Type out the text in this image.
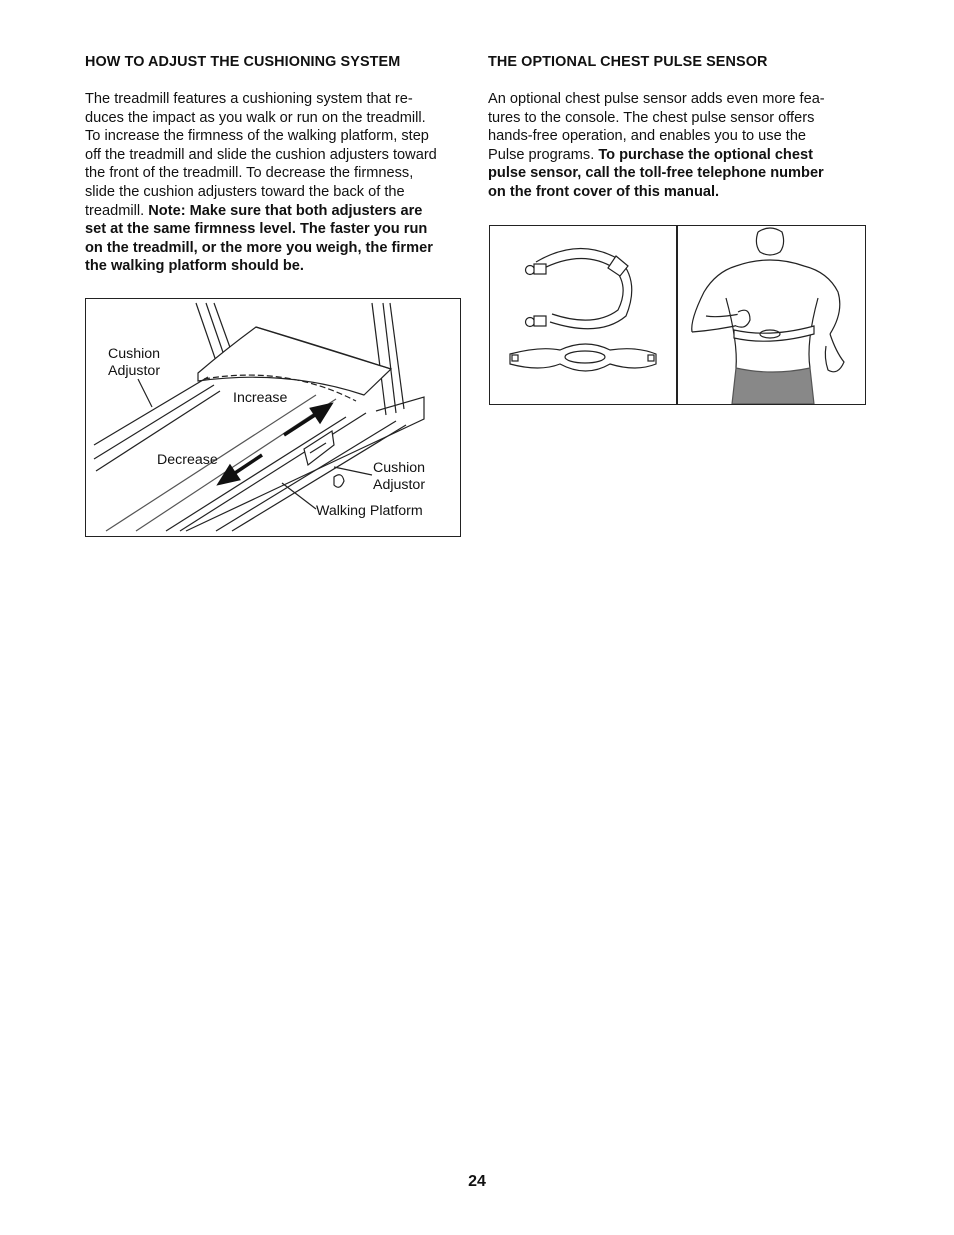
HOW TO ADJUST THE CUSHIONING SYSTEM

The treadmill features a cushioning system that re-
duces the impact as you walk or run on the treadmill.
To increase the firmness of the walking platform, step
off the treadmill and slide the cushion adjusters toward
the front of the treadmill. To decrease the firmness,
slide the cushion adjusters toward the back of the
treadmill. Note: Make sure that both adjusters are
set at the same firmness level. The faster you run
on the treadmill, or the more you weigh, the firmer
the walking platform should be.

THE OPTIONAL CHEST PULSE SENSOR

An optional chest pulse sensor adds even more fea-
tures to the console. The chest pulse sensor offers
hands-free operation, and enables you to use the
Pulse programs. To purchase the optional chest
pulse sensor, call the toll-free telephone number
on the front cover of this manual.

Cushion
Adjustor
Increase
Decrease	Cushion
Adjustor
Walking Platform
24
